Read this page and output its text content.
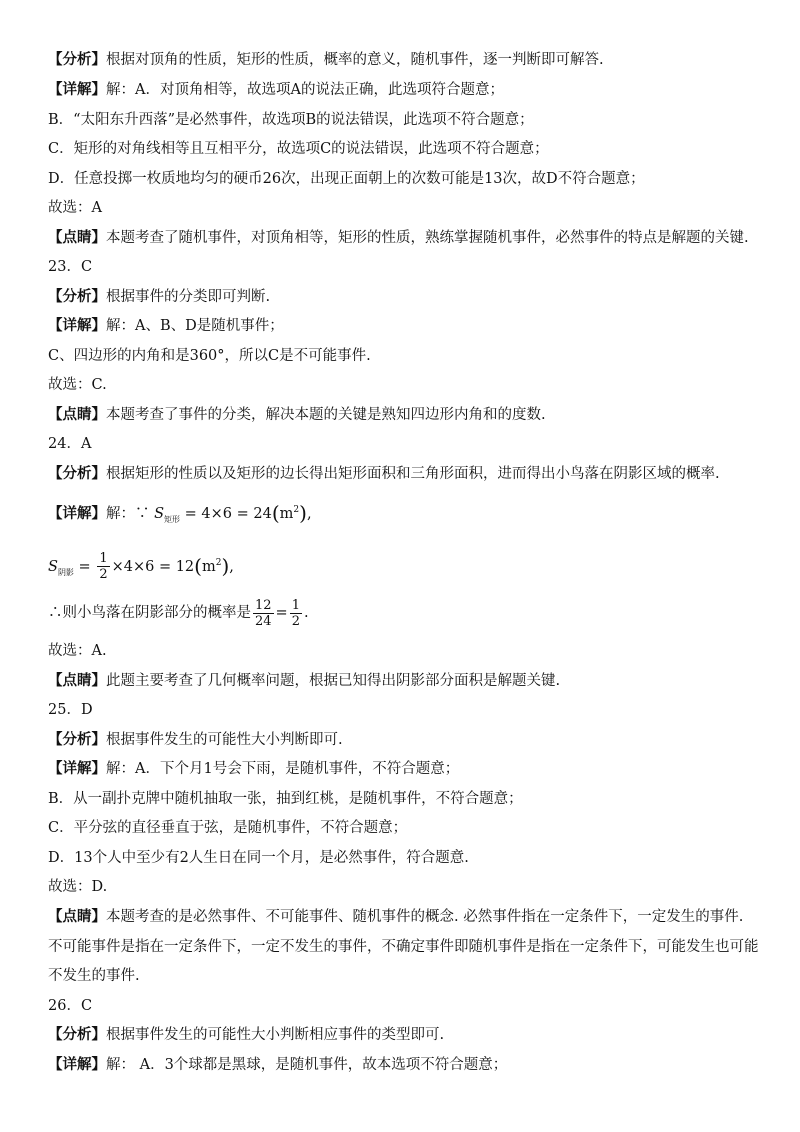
【分析】根据对顶角的性质，矩形的性质，概率的意义，随机事件，逐一判断即可解答.
【详解】解：A．对顶角相等，故选项A的说法正确，此选项符合题意；
B．“太阳东升西落”是必然事件，故选项B的说法错误，此选项不符合题意；
C．矩形的对角线相等且互相平分，故选项C的说法错误，此选项不符合题意；
D．任意投掷一枚质地均匀的硬币26次，出现正面朝上的次数可能是13次，故D不符合题意；
故选：A
【点睛】本题考查了随机事件，对顶角相等，矩形的性质，熟练掌握随机事件，必然事件的特点是解题的关键.
23．C
【分析】根据事件的分类即可判断.
【详解】解：A、B、D是随机事件；
C、四边形的内角和是360°，所以C是不可能事件.
故选：C.
【点睛】本题考查了事件的分类，解决本题的关键是熟知四边形内角和的度数.
24．A
【分析】根据矩形的性质以及矩形的边长得出矩形面积和三角形面积，进而得出小鸟落在阴影区域的概率.
【详解】解：∵ $S_{矩形} = 4\times 6 = 24(m^2)$,
$S_{阴影} = \frac{1}{2} \times 4\times 6 = 12(m^2)$,
∴则小鸟落在阴影部分的概率是 $\frac{12}{24} = \frac{1}{2}$ .
故选：A.
【点睛】此题主要考查了几何概率问题，根据已知得出阴影部分面积是解题关键.
25．D
【分析】根据事件发生的可能性大小判断即可.
【详解】解：A．下个月1号会下雨，是随机事件，不符合题意；
B．从一副扑克牌中随机抽取一张，抽到红桃，是随机事件，不符合题意；
C．平分弦的直径垂直于弦，是随机事件，不符合题意；
D．13个人中至少有2人生日在同一个月，是必然事件，符合题意.
故选：D.
【点睛】本题考查的是必然事件、不可能事件、随机事件的概念. 必然事件指在一定条件下，一定发生的事件.
不可能事件是指在一定条件下，一定不发生的事件，不确定事件即随机事件是指在一定条件下，可能发生也可能
不发生的事件.
26．C
【分析】根据事件发生的可能性大小判断相应事件的类型即可.
【详解】解： A．3个球都是黑球，是随机事件，故本选项不符合题意；
